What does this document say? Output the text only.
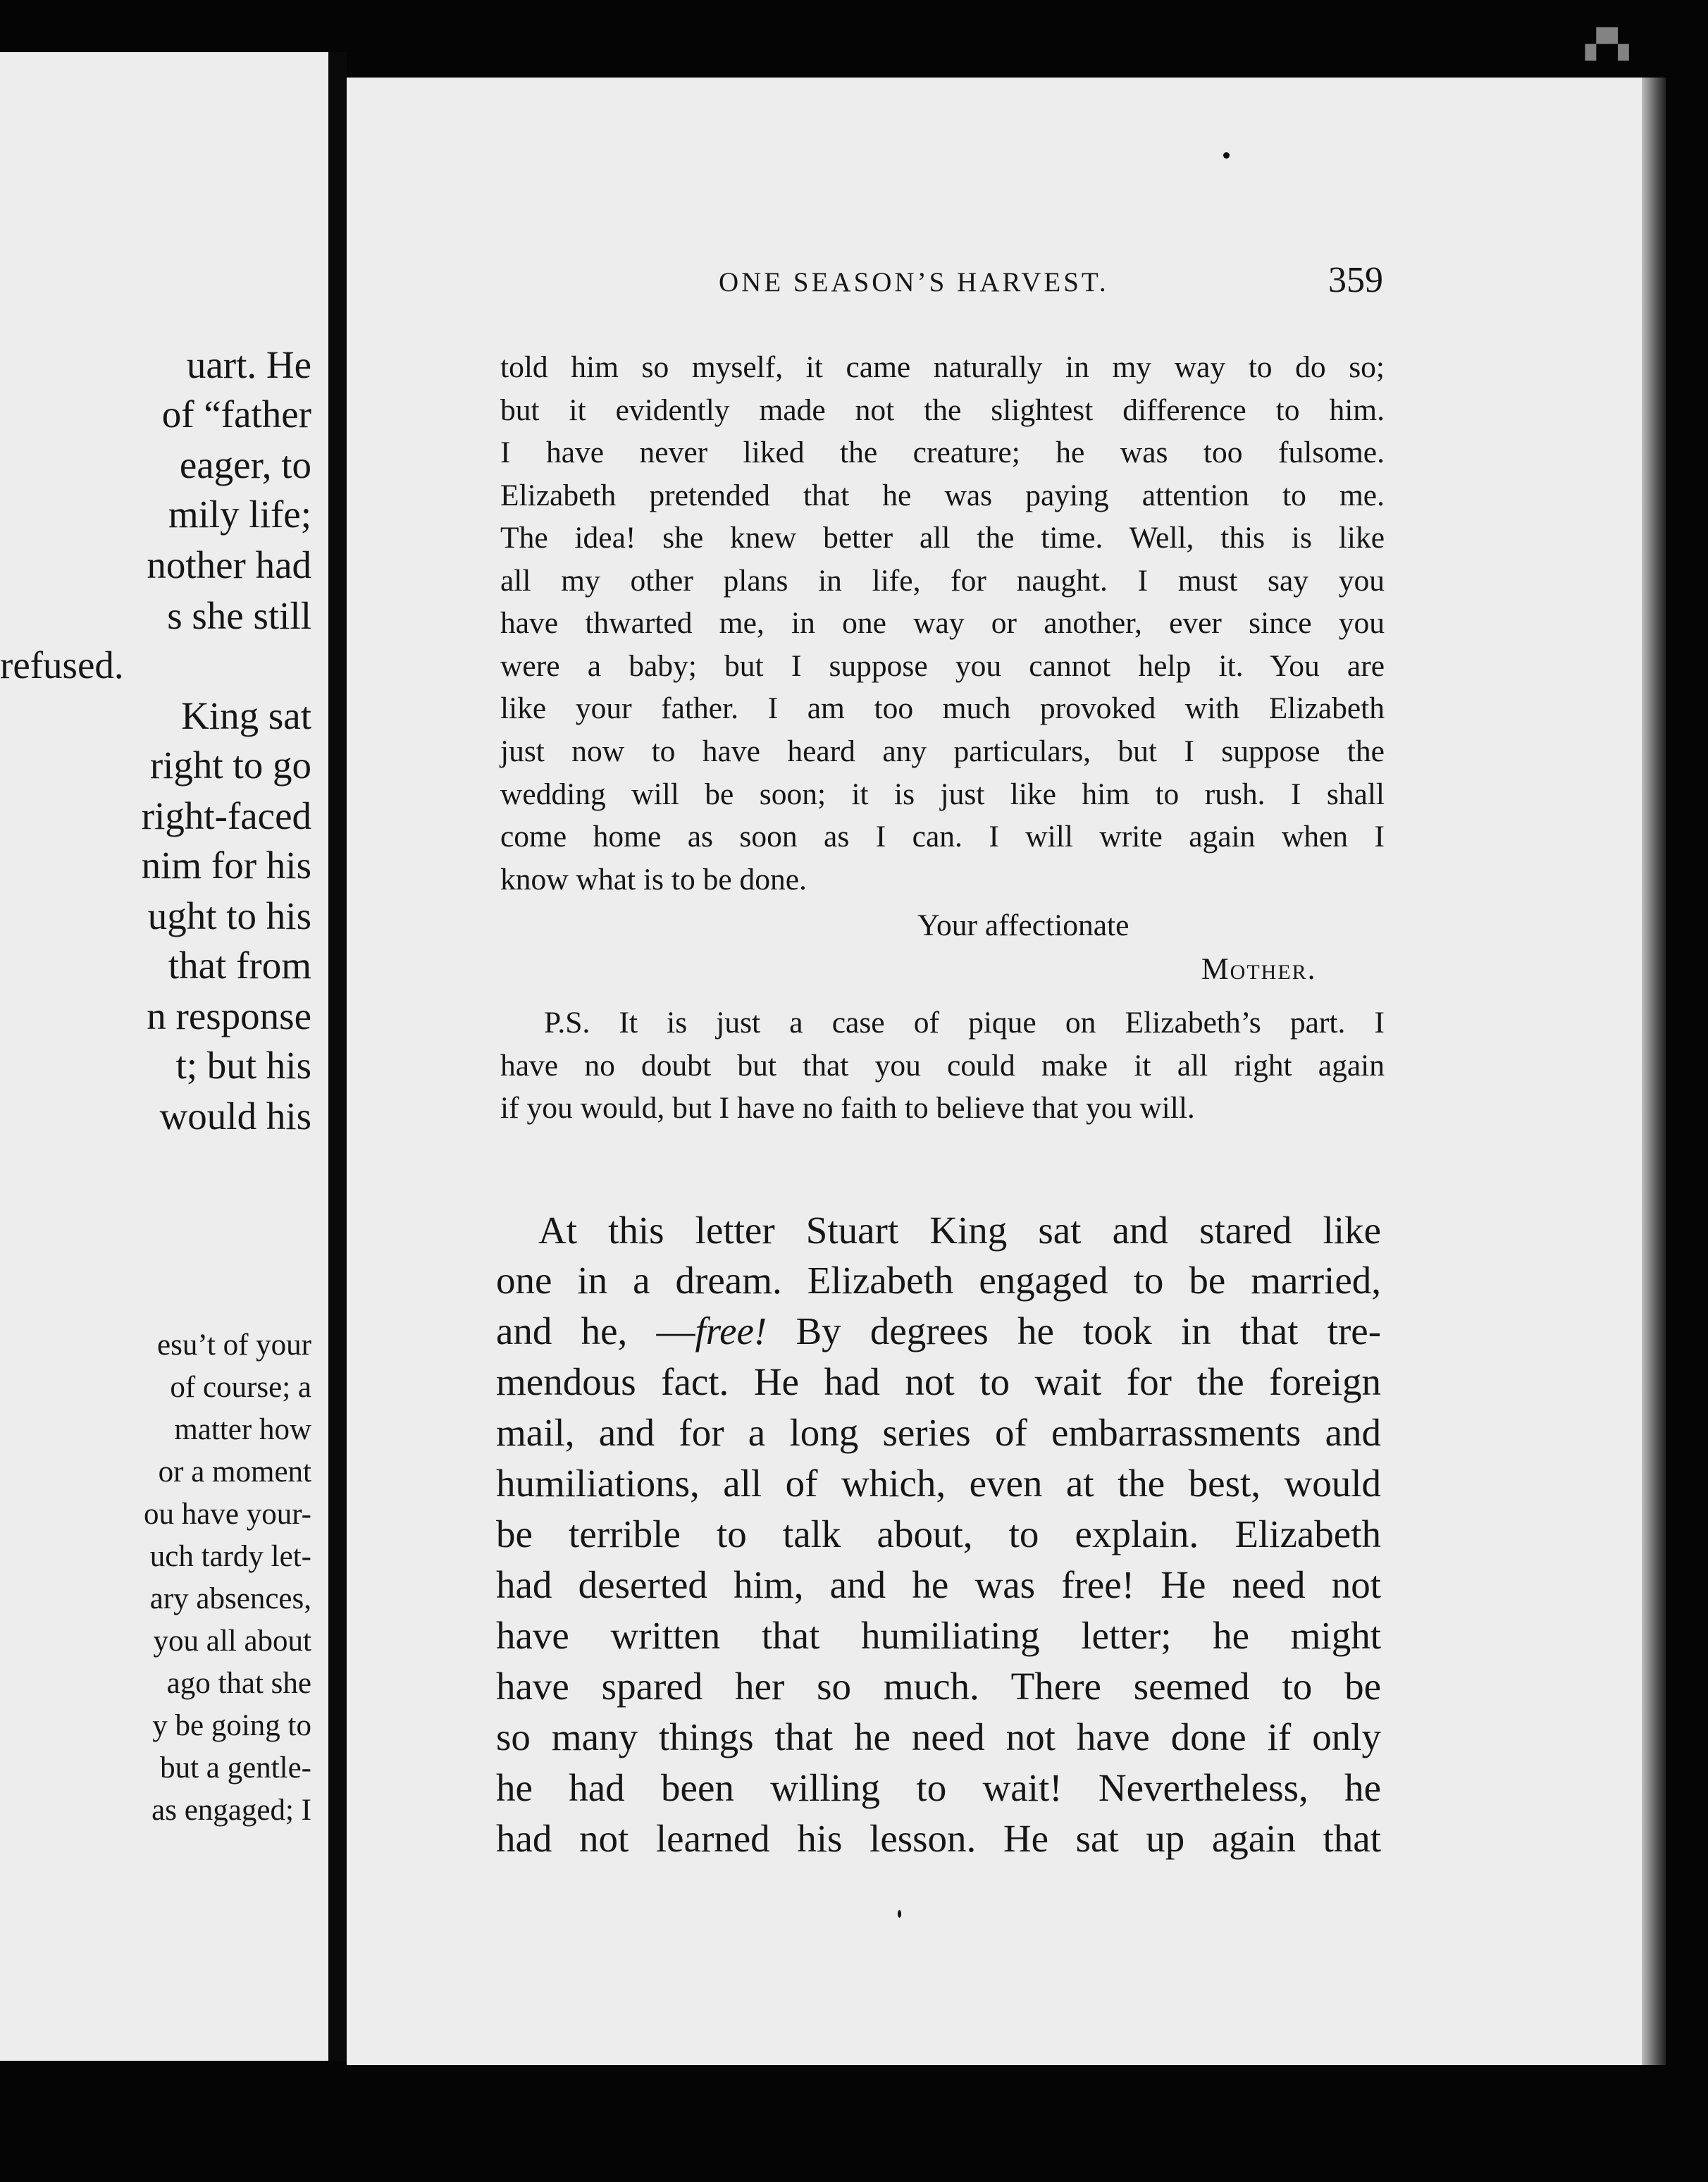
▞▚
uart. He
of “father
eager, to
mily life;
nother had
s she still
refused.
King sat
right to go
right-faced
nim for his
ught to his
that from
n response
t; but his
would his
esu’t of your
of course; a
matter how
or a moment
ou have your-
uch tardy let-
ary absences,
you all about
ago that she
y be going to
but a gentle-
as engaged; I
ONE SEASON’S HARVEST.	359
told him so myself, it came naturally in my way to do so;
but it evidently made not the slightest difference to him.
I have never liked the creature; he was too fulsome.
Elizabeth pretended that he was paying attention to me.
The idea! she knew better all the time. Well, this is like
all my other plans in life, for naught. I must say you
have thwarted me, in one way or another, ever since you
were a baby; but I suppose you cannot help it. You are
like your father. I am too much provoked with Elizabeth
just now to have heard any particulars, but I suppose the
wedding will be soon; it is just like him to rush. I shall
come home as soon as I can. I will write again when I
know what is to be done.
Your affectionate
Mother.
P.S. It is just a case of pique on Elizabeth’s part. I
have no doubt but that you could make it all right again
if you would, but I have no faith to believe that you will.
At this letter Stuart King sat and stared like
one in a dream. Elizabeth engaged to be married,
and he, —free! By degrees he took in that tre-
mendous fact. He had not to wait for the foreign
mail, and for a long series of embarrassments and
humiliations, all of which, even at the best, would
be terrible to talk about, to explain. Elizabeth
had deserted him, and he was free! He need not
have written that humiliating letter; he might
have spared her so much. There seemed to be
so many things that he need not have done if only
he had been willing to wait! Nevertheless, he
had not learned his lesson. He sat up again that
